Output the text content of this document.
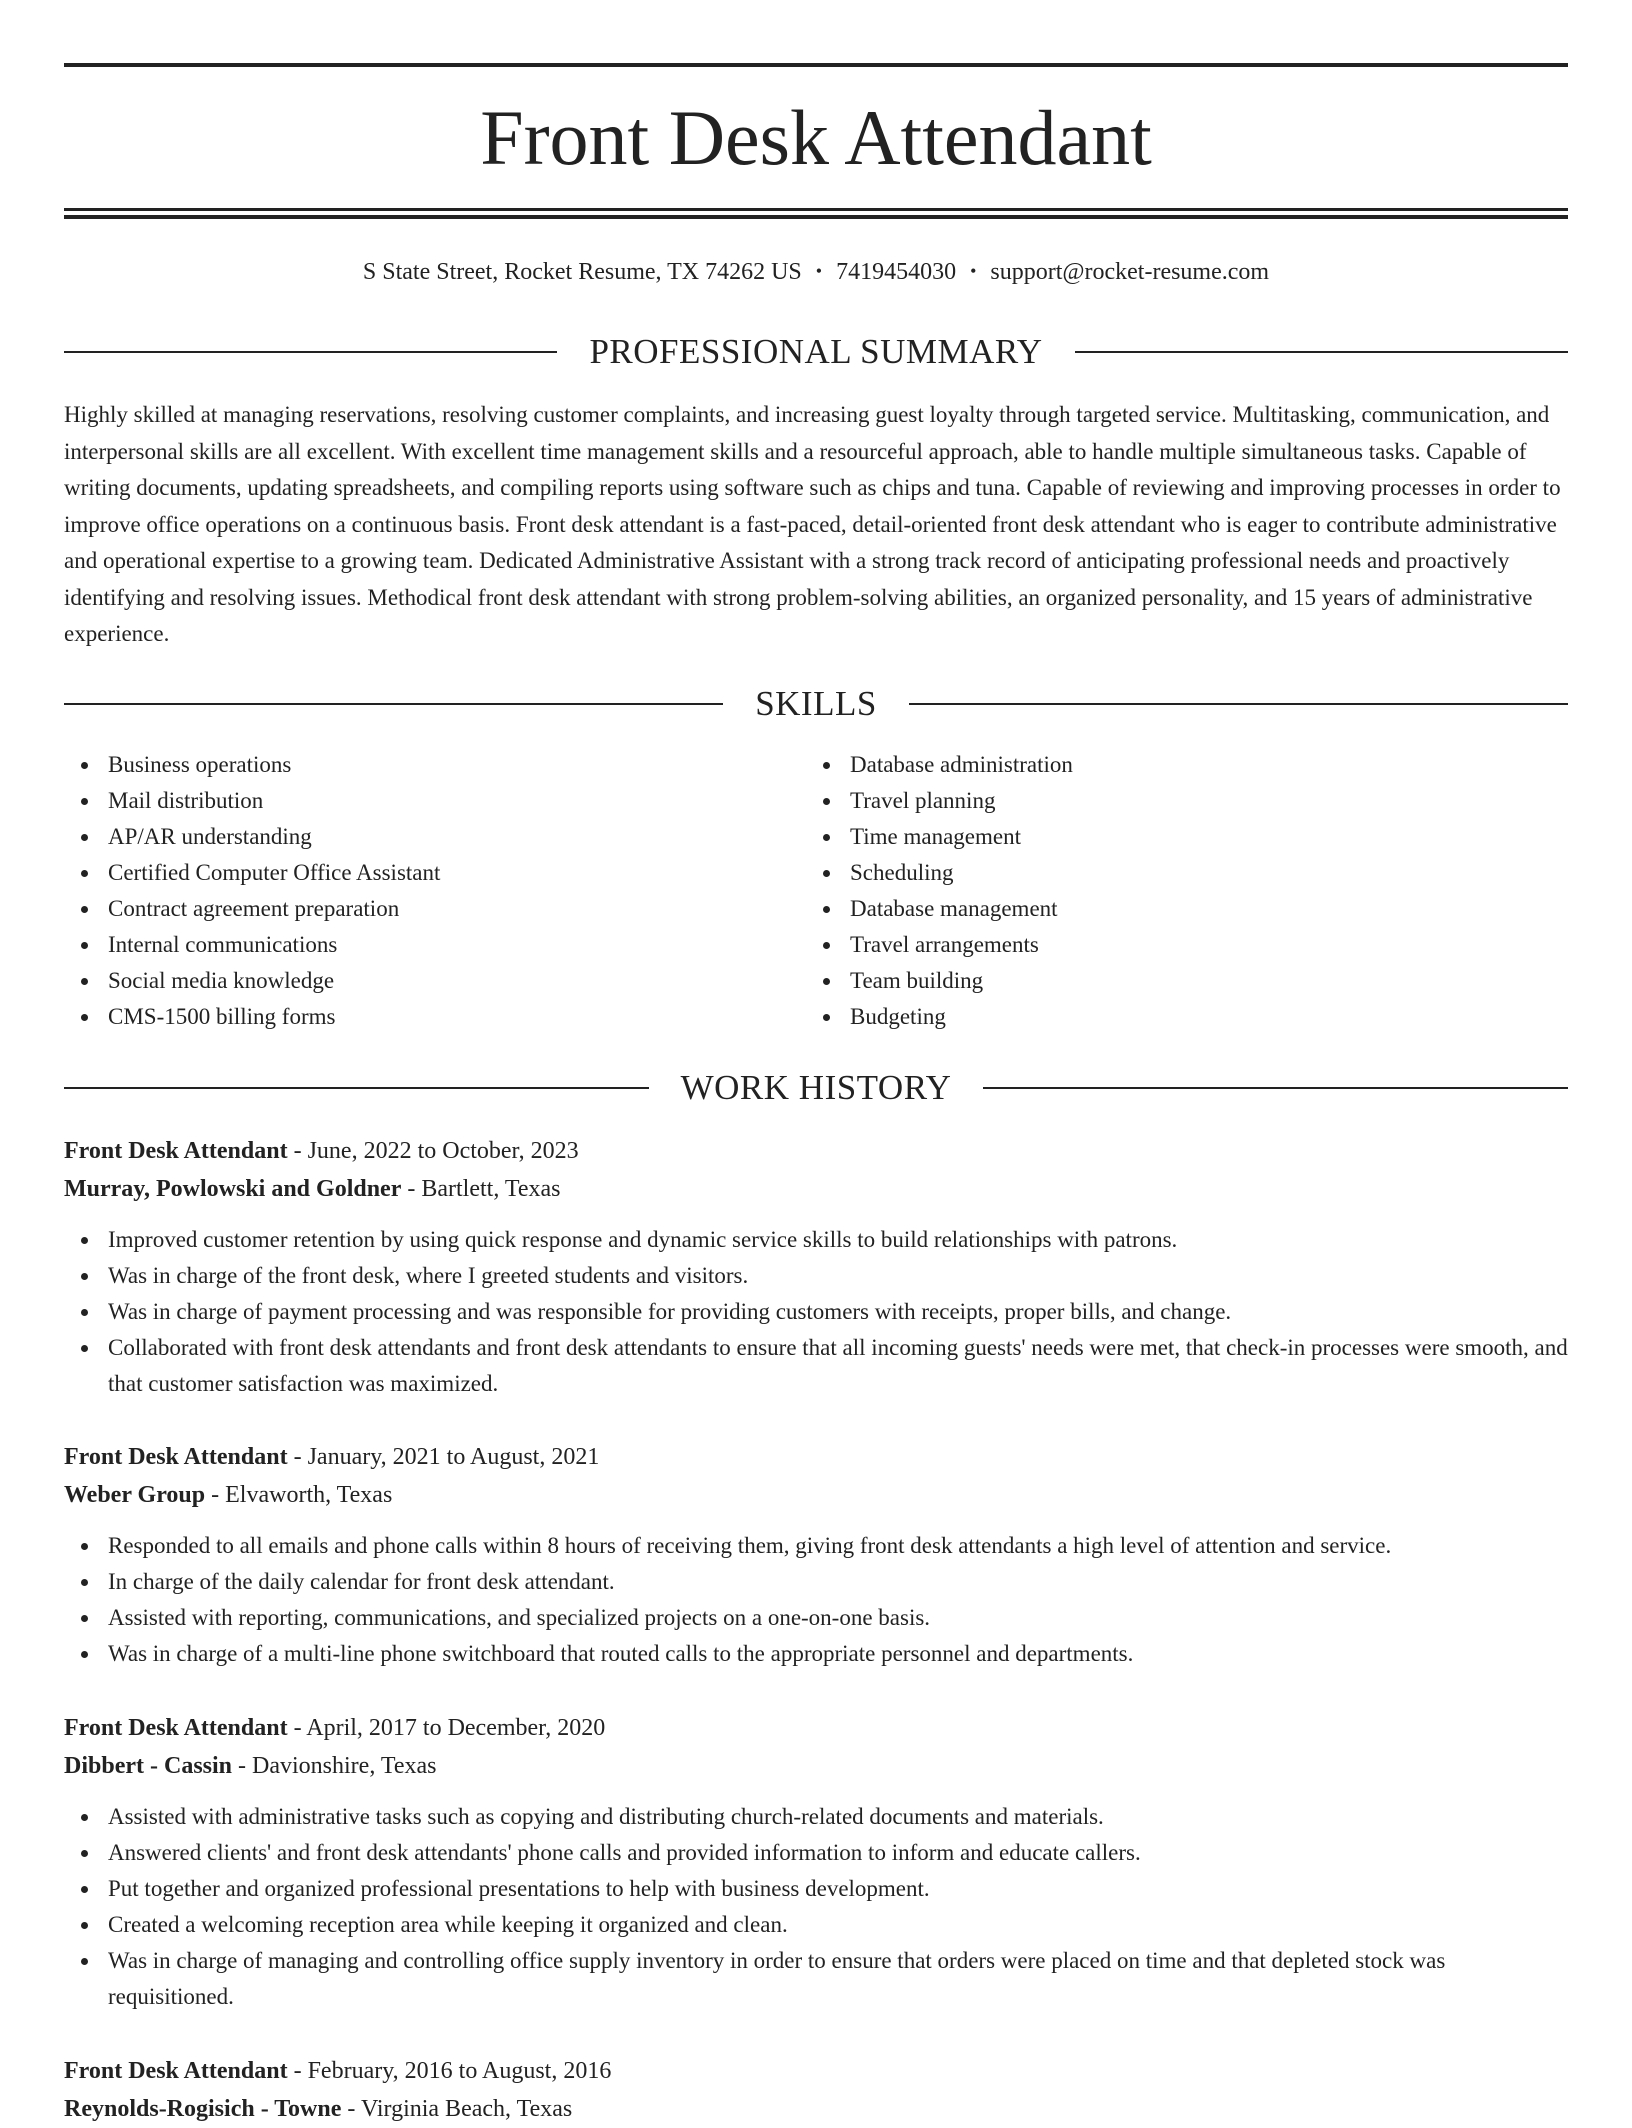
Front Desk Attendant
S State Street, Rocket Resume, TX 74262 US • 7419454030 • support@rocket-resume.com
PROFESSIONAL SUMMARY

Highly skilled at managing reservations, resolving customer complaints, and increasing guest loyalty through targeted service. Multitasking, communication, and interpersonal skills are all excellent. With excellent time management skills and a resourceful approach, able to handle multiple simultaneous tasks. Capable of writing documents, updating spreadsheets, and compiling reports using software such as chips and tuna. Capable of reviewing and improving processes in order to improve office operations on a continuous basis. Front desk attendant is a fast-paced, detail-oriented front desk attendant who is eager to contribute administrative and operational expertise to a growing team. Dedicated Administrative Assistant with a strong track record of anticipating professional needs and proactively identifying and resolving issues. Methodical front desk attendant with strong problem-solving abilities, an organized personality, and 15 years of administrative experience.

SKILLS
Business operations
Mail distribution
AP/AR understanding
Certified Computer Office Assistant
Contract agreement preparation
Internal communications
Social media knowledge
CMS-1500 billing forms
Database administration
Travel planning
Time management
Scheduling
Database management
Travel arrangements
Team building
Budgeting
WORK HISTORY

Front Desk Attendant - June, 2022 to October, 2023

Murray, Powlowski and Goldner - Bartlett, Texas

Improved customer retention by using quick response and dynamic service skills to build relationships with patrons.
Was in charge of the front desk, where I greeted students and visitors.
Was in charge of payment processing and was responsible for providing customers with receipts, proper bills, and change.
Collaborated with front desk attendants and front desk attendants to ensure that all incoming guests' needs were met, that check-in processes were smooth, and that customer satisfaction was maximized.

Front Desk Attendant - January, 2021 to August, 2021

Weber Group - Elvaworth, Texas

Responded to all emails and phone calls within 8 hours of receiving them, giving front desk attendants a high level of attention and service.
In charge of the daily calendar for front desk attendant.
Assisted with reporting, communications, and specialized projects on a one-on-one basis.
Was in charge of a multi-line phone switchboard that routed calls to the appropriate personnel and departments.

Front Desk Attendant - April, 2017 to December, 2020

Dibbert - Cassin - Davionshire, Texas

Assisted with administrative tasks such as copying and distributing church-related documents and materials.
Answered clients' and front desk attendants' phone calls and provided information to inform and educate callers.
Put together and organized professional presentations to help with business development.
Created a welcoming reception area while keeping it organized and clean.
Was in charge of managing and controlling office supply inventory in order to ensure that orders were placed on time and that depleted stock was requisitioned.

Front Desk Attendant - February, 2016 to August, 2016

Reynolds-Rogisich - Towne - Virginia Beach, Texas
